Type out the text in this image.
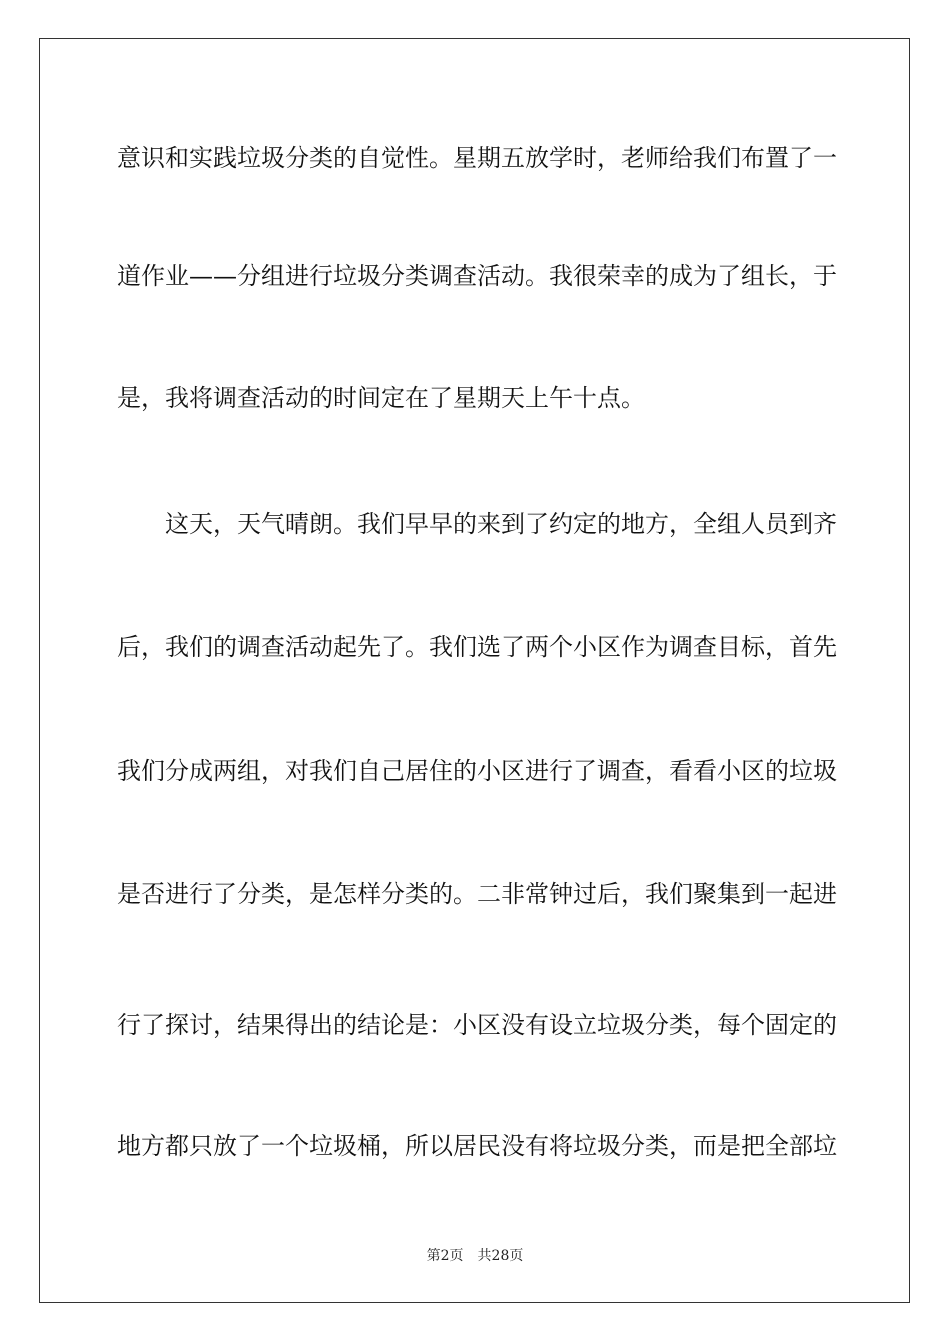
意识和实践垃圾分类的自觉性。星期五放学时，老师给我们布置了一
道作业——分组进行垃圾分类调查活动。我很荣幸的成为了组长，于
是，我将调查活动的时间定在了星期天上午十点。
这天，天气晴朗。我们早早的来到了约定的地方，全组人员到齐
后，我们的调查活动起先了。我们选了两个小区作为调查目标，首先
我们分成两组，对我们自己居住的小区进行了调查，看看小区的垃圾
是否进行了分类，是怎样分类的。二非常钟过后，我们聚集到一起进
行了探讨，结果得出的结论是：小区没有设立垃圾分类，每个固定的
地方都只放了一个垃圾桶，所以居民没有将垃圾分类，而是把全部垃
第2页 共28页
